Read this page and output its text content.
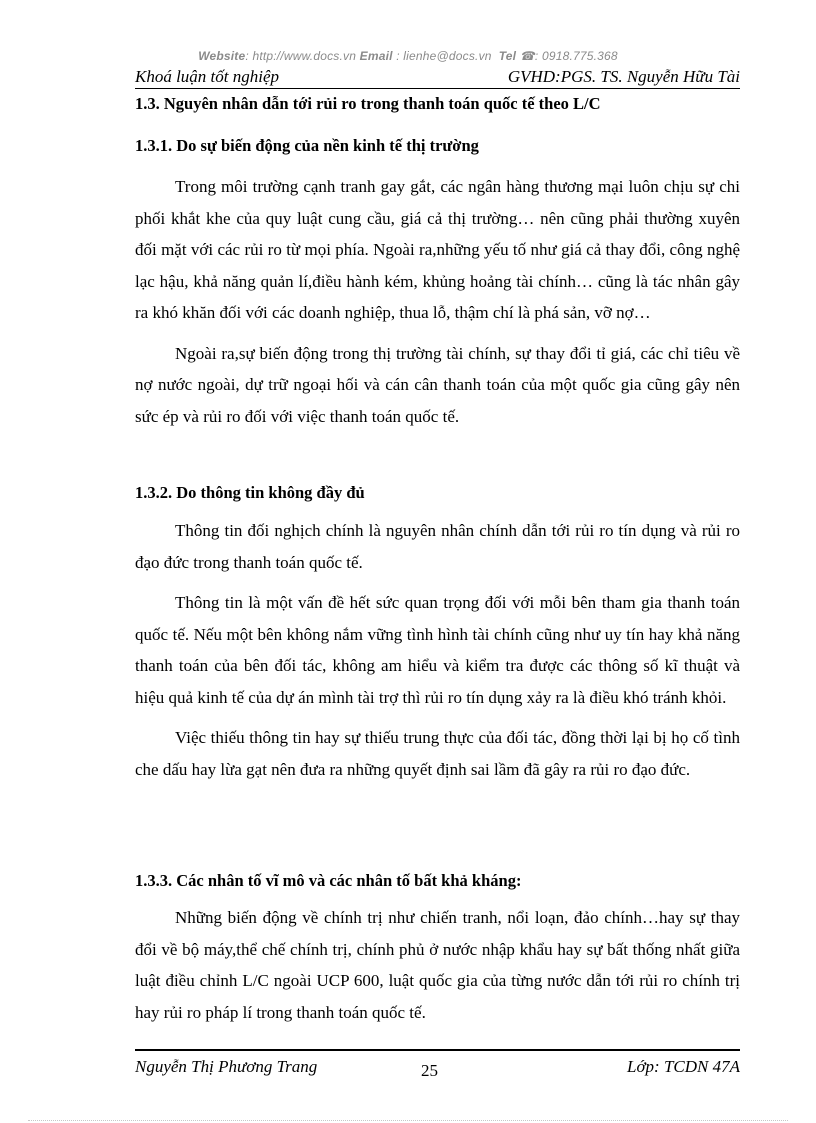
Website: http://www.docs.vn Email : lienhe@docs.vn Tel ☎: 0918.775.368
Khoá luận tốt nghiệp	GVHD:PGS. TS. Nguyễn Hữu Tài
1.3. Nguyên nhân dẫn tới rủi ro trong thanh toán quốc tế theo L/C
1.3.1. Do sự biến động của nền kinh tế thị trường

Trong môi trường cạnh tranh gay gắt, các ngân hàng thương mại luôn chịu sự chi phối khắt khe của quy luật cung cầu, giá cả thị trường… nên cũng phải thường xuyên đối mặt với các rủi ro từ mọi phía. Ngoài ra,những yếu tố như giá cả thay đổi, công nghệ lạc hậu, khả năng quản lí,điều hành kém, khủng hoảng tài chính… cũng là tác nhân gây ra khó khăn đối với các doanh nghiệp, thua lỗ, thậm chí là phá sản, vỡ nợ…

Ngoài ra,sự biến động trong thị trường tài chính, sự thay đổi tỉ giá, các chỉ tiêu về nợ nước ngoài, dự trữ ngoại hối và cán cân thanh toán của một quốc gia cũng gây nên sức ép và rủi ro đối với việc thanh toán quốc tế.

1.3.2. Do thông tin không đầy đủ

Thông tin đối nghịch chính là nguyên nhân chính dẫn tới rủi ro tín dụng và rủi ro đạo đức trong thanh toán quốc tế.

Thông tin là một vấn đề hết sức quan trọng đối với mỗi bên tham gia thanh toán quốc tế. Nếu một bên không nắm vững tình hình tài chính cũng như uy tín hay khả năng thanh toán của bên đối tác, không am hiểu và kiểm tra được các thông số kĩ thuật và hiệu quả kinh tế của dự án mình tài trợ thì rủi ro tín dụng xảy ra là điều khó tránh khỏi.

Việc thiếu thông tin hay sự thiếu trung thực của đối tác, đồng thời lại bị họ cố tình che dấu hay lừa gạt nên đưa ra những quyết định sai lầm đã gây ra rủi ro đạo đức.

1.3.3. Các nhân tố vĩ mô và các nhân tố bất khả kháng:

Những biến động về chính trị như chiến tranh, nổi loạn, đảo chính…hay sự thay đổi về bộ máy,thể chế chính trị, chính phủ ở nước nhập khẩu hay sự bất thống nhất giữa luật điều chỉnh L/C ngoài UCP 600, luật quốc gia của từng nước dẫn tới rủi ro chính trị hay rủi ro pháp lí trong thanh toán quốc tế.

Nguyễn Thị Phương Trang	25	Lớp: TCDN 47A
